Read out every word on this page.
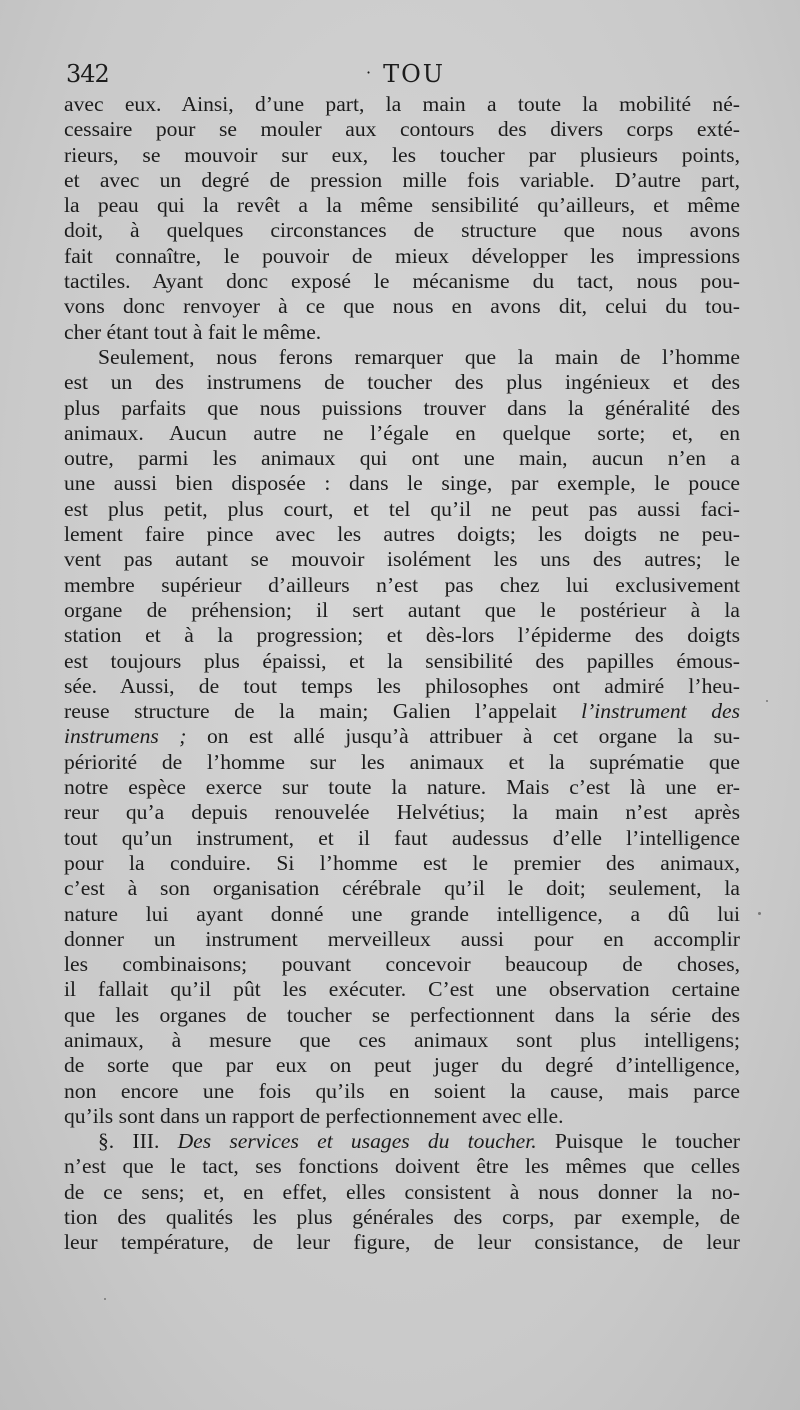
342	· TOU
avec eux. Ainsi, d’une part, la main a toute la mobilité né-
cessaire pour se mouler aux contours des divers corps exté-
rieurs, se mouvoir sur eux, les toucher par plusieurs points,
et avec un degré de pression mille fois variable. D’autre part,
la peau qui la revêt a la même sensibilité qu’ailleurs, et même
doit, à quelques circonstances de structure que nous avons
fait connaître, le pouvoir de mieux développer les impressions
tactiles. Ayant donc exposé le mécanisme du tact, nous pou-
vons donc renvoyer à ce que nous en avons dit, celui du tou-
cher étant tout à fait le même.
Seulement, nous ferons remarquer que la main de l’homme
est un des instrumens de toucher des plus ingénieux et des
plus parfaits que nous puissions trouver dans la généralité des
animaux. Aucun autre ne l’égale en quelque sorte; et, en
outre, parmi les animaux qui ont une main, aucun n’en a
une aussi bien disposée : dans le singe, par exemple, le pouce
est plus petit, plus court, et tel qu’il ne peut pas aussi faci-
lement faire pince avec les autres doigts; les doigts ne peu-
vent pas autant se mouvoir isolément les uns des autres; le
membre supérieur d’ailleurs n’est pas chez lui exclusivement
organe de préhension; il sert autant que le postérieur à la
station et à la progression; et dès-lors l’épiderme des doigts
est toujours plus épaissi, et la sensibilité des papilles émous-
sée. Aussi, de tout temps les philosophes ont admiré l’heu-
reuse structure de la main; Galien l’appelait l’instrument des
instrumens ; on est allé jusqu’à attribuer à cet organe la su-
périorité de l’homme sur les animaux et la suprématie que
notre espèce exerce sur toute la nature. Mais c’est là une er-
reur qu’a depuis renouvelée Helvétius; la main n’est après
tout qu’un instrument, et il faut audessus d’elle l’intelligence
pour la conduire. Si l’homme est le premier des animaux,
c’est à son organisation cérébrale qu’il le doit; seulement, la
nature lui ayant donné une grande intelligence, a dû lui
donner un instrument merveilleux aussi pour en accomplir
les combinaisons; pouvant concevoir beaucoup de choses,
il fallait qu’il pût les exécuter. C’est une observation certaine
que les organes de toucher se perfectionnent dans la série des
animaux, à mesure que ces animaux sont plus intelligens;
de sorte que par eux on peut juger du degré d’intelligence,
non encore une fois qu’ils en soient la cause, mais parce
qu’ils sont dans un rapport de perfectionnement avec elle.
§. III. Des services et usages du toucher. Puisque le toucher
n’est que le tact, ses fonctions doivent être les mêmes que celles
de ce sens; et, en effet, elles consistent à nous donner la no-
tion des qualités les plus générales des corps, par exemple, de
leur température, de leur figure, de leur consistance, de leur
